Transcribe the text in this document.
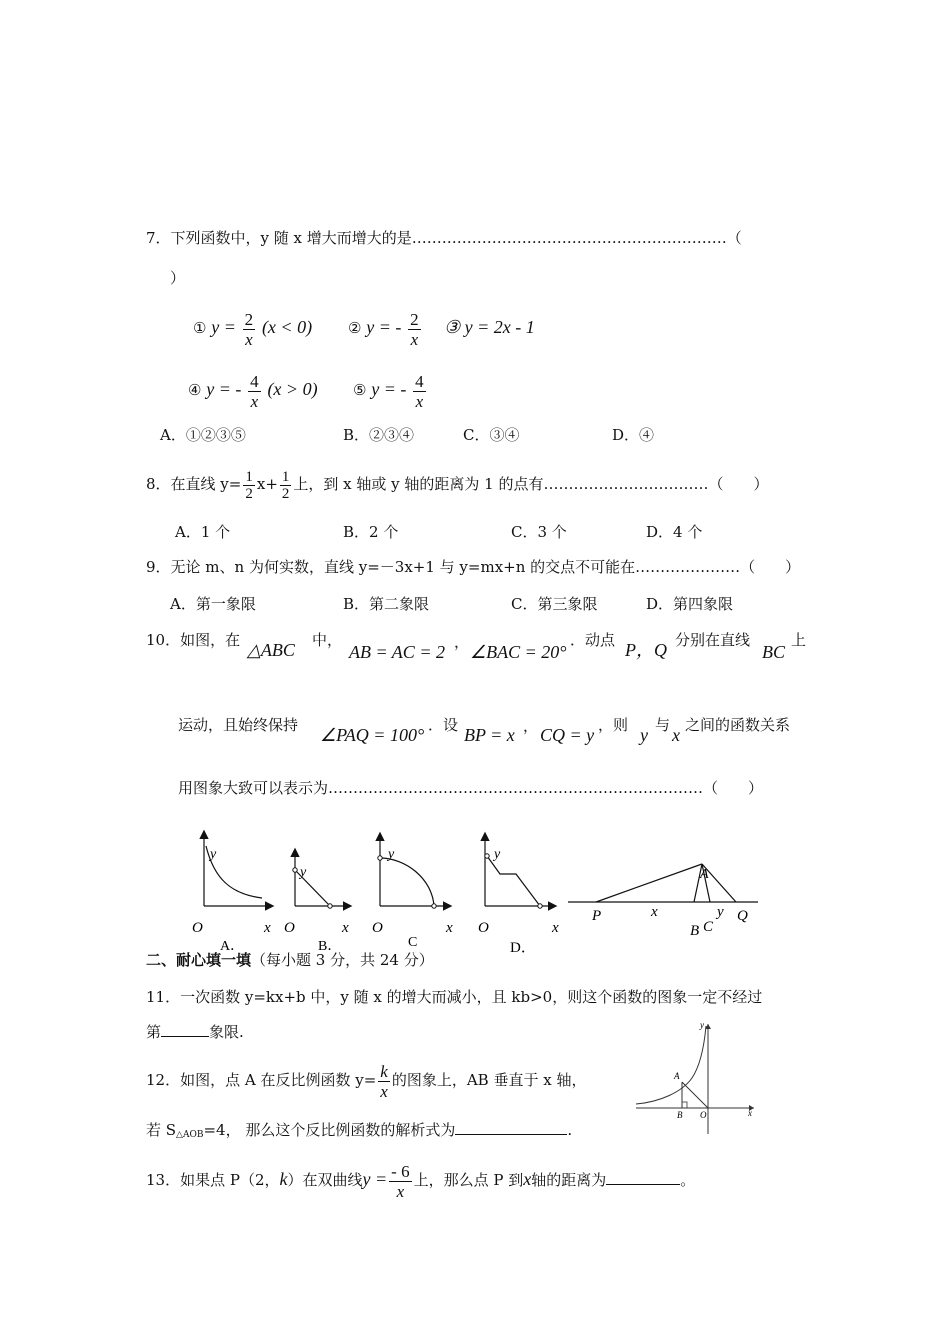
7．下列函数中，y 随 x 增大而增大的是………………………………………………………（
）
① $y = \frac{2}{x} (x < 0)$ ② y = - $\frac{2}{x}$ ③ y = 2x - 1
④ y = - $\frac{4}{x} (x > 0)$ ⑤ y = - $\frac{4}{x}$
A．①②③⑤	B．②③④	C．③④	D．④
8．在直线 $y= \frac{1}{2} x+ \frac{1}{2}$ 上，到 x 轴或 y 轴的距离为 1 的点有……………………………（　　）
A．1 个	B．2 个	C．3 个	D．4 个
9．无论 m、n 为何实数，直线 y=－3x+1 与 y=mx+n 的交点不可能在…………………（　　）
A．第一象限	B．第二象限	C．第三象限	D．第四象限
10．如图，在 △ABC 中，
AB = AC = 2 ， ∠BAC = 20°
．动点 P，Q 分别在直线
BC
上
运动，且始终保持 ∠PAQ = 100° ．设 BP = x ， CQ = y ，则 y 与 x 之间的函数关系
用图象大致可以表示为…………………………………………………………………（　　）
y
O	x
A．
y
O	x
B．
y
O	x
C
y
O	x
D．
A
P	x	y Q
B C
二、耐心填一填（每小题 3 分，共 24 分）
11．一次函数 y=kx+b 中，y 随 x 的增大而减小，且 kb>0，则这个函数的图象一定不经过
第	象限.
12．如图，点 A 在反比例函数 $y= \frac{k}{x}$ 的图象上，AB 垂直于 x 轴，
若 $S_{\triangle AOB}=4$， 那么这个反比例函数的解析式为	.
y
x
A
B O
13．如果点 P（2，k）在双曲线$y = \frac{- 6}{x}$ 上，那么点 P 到x轴的距离为	。
